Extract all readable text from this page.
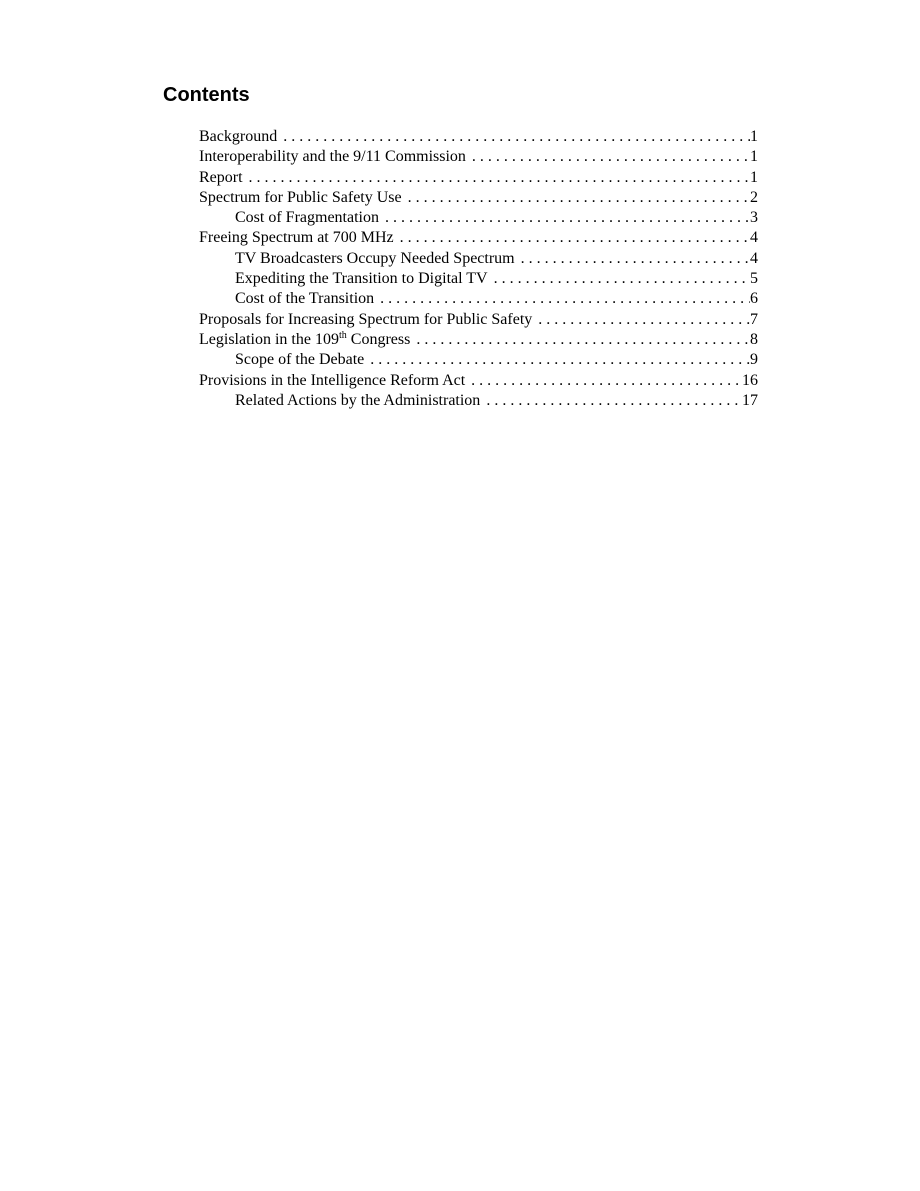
Contents
Background . . .	1
Interoperability and the 9/11 Commission . . .	1
Report . . .	1
Spectrum for Public Safety Use . . .	2
Cost of Fragmentation . . .	3
Freeing Spectrum at 700 MHz . . .	4
TV Broadcasters Occupy Needed Spectrum . . .	4
Expediting the Transition to Digital TV . . .	5
Cost of the Transition . . .	6
Proposals for Increasing Spectrum for Public Safety . . .	7
Legislation in the 109th Congress . . .	8
Scope of the Debate . . .	9
Provisions in the Intelligence Reform Act . . .	16
Related Actions by the Administration . . .	17
